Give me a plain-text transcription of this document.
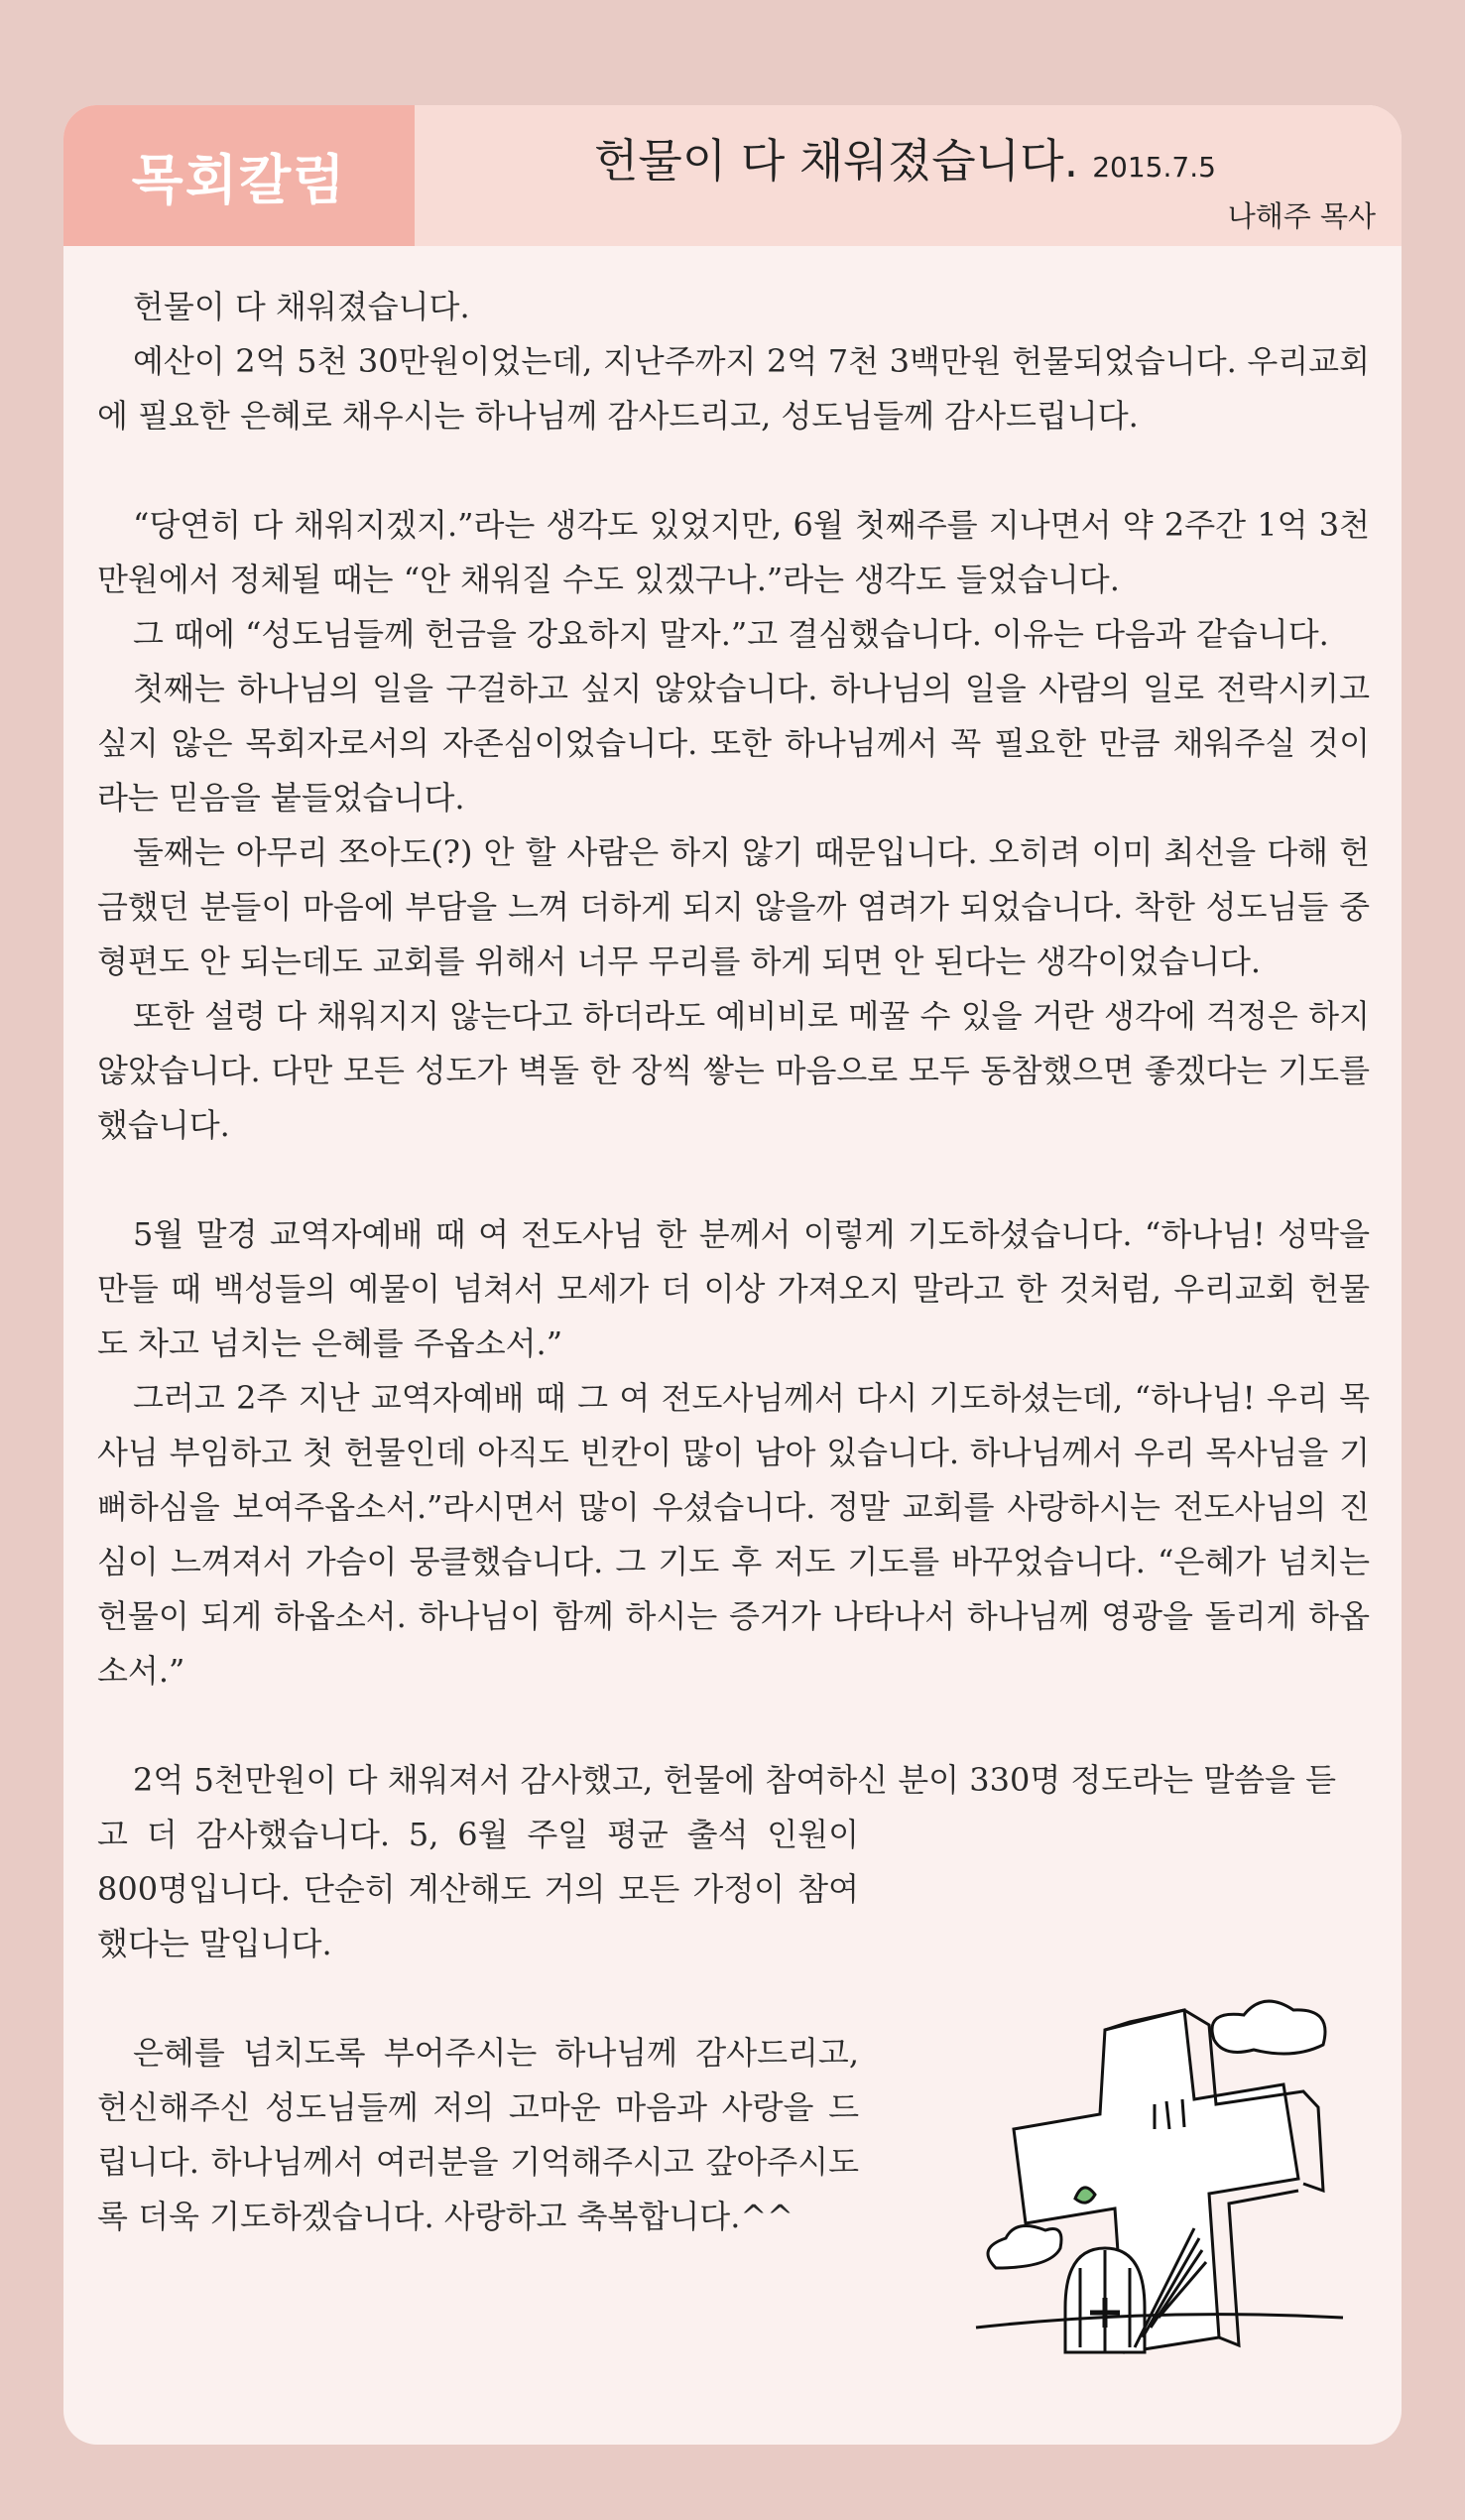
목회칼럼	헌물이 다 채워졌습니다. 2015.7.5
나해주 목사

헌물이 다 채워졌습니다.

예산이 2억 5천 30만원이었는데, 지난주까지 2억 7천 3백만원 헌물되었습니다. 우리교회에 필요한 은혜로 채우시는 하나님께 감사드리고, 성도님들께 감사드립니다.

“당연히 다 채워지겠지.”라는 생각도 있었지만, 6월 첫째주를 지나면서 약 2주간 1억 3천만원에서 정체될 때는 “안 채워질 수도 있겠구나.”라는 생각도 들었습니다.

그 때에 “성도님들께 헌금을 강요하지 말자.”고 결심했습니다. 이유는 다음과 같습니다.

첫째는 하나님의 일을 구걸하고 싶지 않았습니다. 하나님의 일을 사람의 일로 전락시키고 싶지 않은 목회자로서의 자존심이었습니다. 또한 하나님께서 꼭 필요한 만큼 채워주실 것이라는 믿음을 붙들었습니다.

둘째는 아무리 쪼아도(?) 안 할 사람은 하지 않기 때문입니다. 오히려 이미 최선을 다해 헌금했던 분들이 마음에 부담을 느껴 더하게 되지 않을까 염려가 되었습니다. 착한 성도님들 중 형편도 안 되는데도 교회를 위해서 너무 무리를 하게 되면 안 된다는 생각이었습니다.

또한 설령 다 채워지지 않는다고 하더라도 예비비로 메꿀 수 있을 거란 생각에 걱정은 하지 않았습니다. 다만 모든 성도가 벽돌 한 장씩 쌓는 마음으로 모두 동참했으면 좋겠다는 기도를 했습니다.

5월 말경 교역자예배 때 여 전도사님 한 분께서 이렇게 기도하셨습니다. “하나님! 성막을 만들 때 백성들의 예물이 넘쳐서 모세가 더 이상 가져오지 말라고 한 것처럼, 우리교회 헌물도 차고 넘치는 은혜를 주옵소서.”

그러고 2주 지난 교역자예배 때 그 여 전도사님께서 다시 기도하셨는데, “하나님! 우리 목사님 부임하고 첫 헌물인데 아직도 빈칸이 많이 남아 있습니다. 하나님께서 우리 목사님을 기뻐하심을 보여주옵소서.”라시면서 많이 우셨습니다. 정말 교회를 사랑하시는 전도사님의 진심이 느껴져서 가슴이 뭉클했습니다. 그 기도 후 저도 기도를 바꾸었습니다. “은혜가 넘치는 헌물이 되게 하옵소서. 하나님이 함께 하시는 증거가 나타나서 하나님께 영광을 돌리게 하옵소서.”

2억 5천만원이 다 채워져서 감사했고, 헌물에 참여하신 분이 330명 정도라는 말씀을 듣

고 더 감사했습니다. 5, 6월 주일 평균 출석 인원이 800명입니다. 단순히 계산해도 거의 모든 가정이 참여했다는 말입니다.

은혜를 넘치도록 부어주시는 하나님께 감사드리고, 헌신해주신 성도님들께 저의 고마운 마음과 사랑을 드립니다. 하나님께서 여러분을 기억해주시고 갚아주시도록 더욱 기도하겠습니다. 사랑하고 축복합니다.^^
